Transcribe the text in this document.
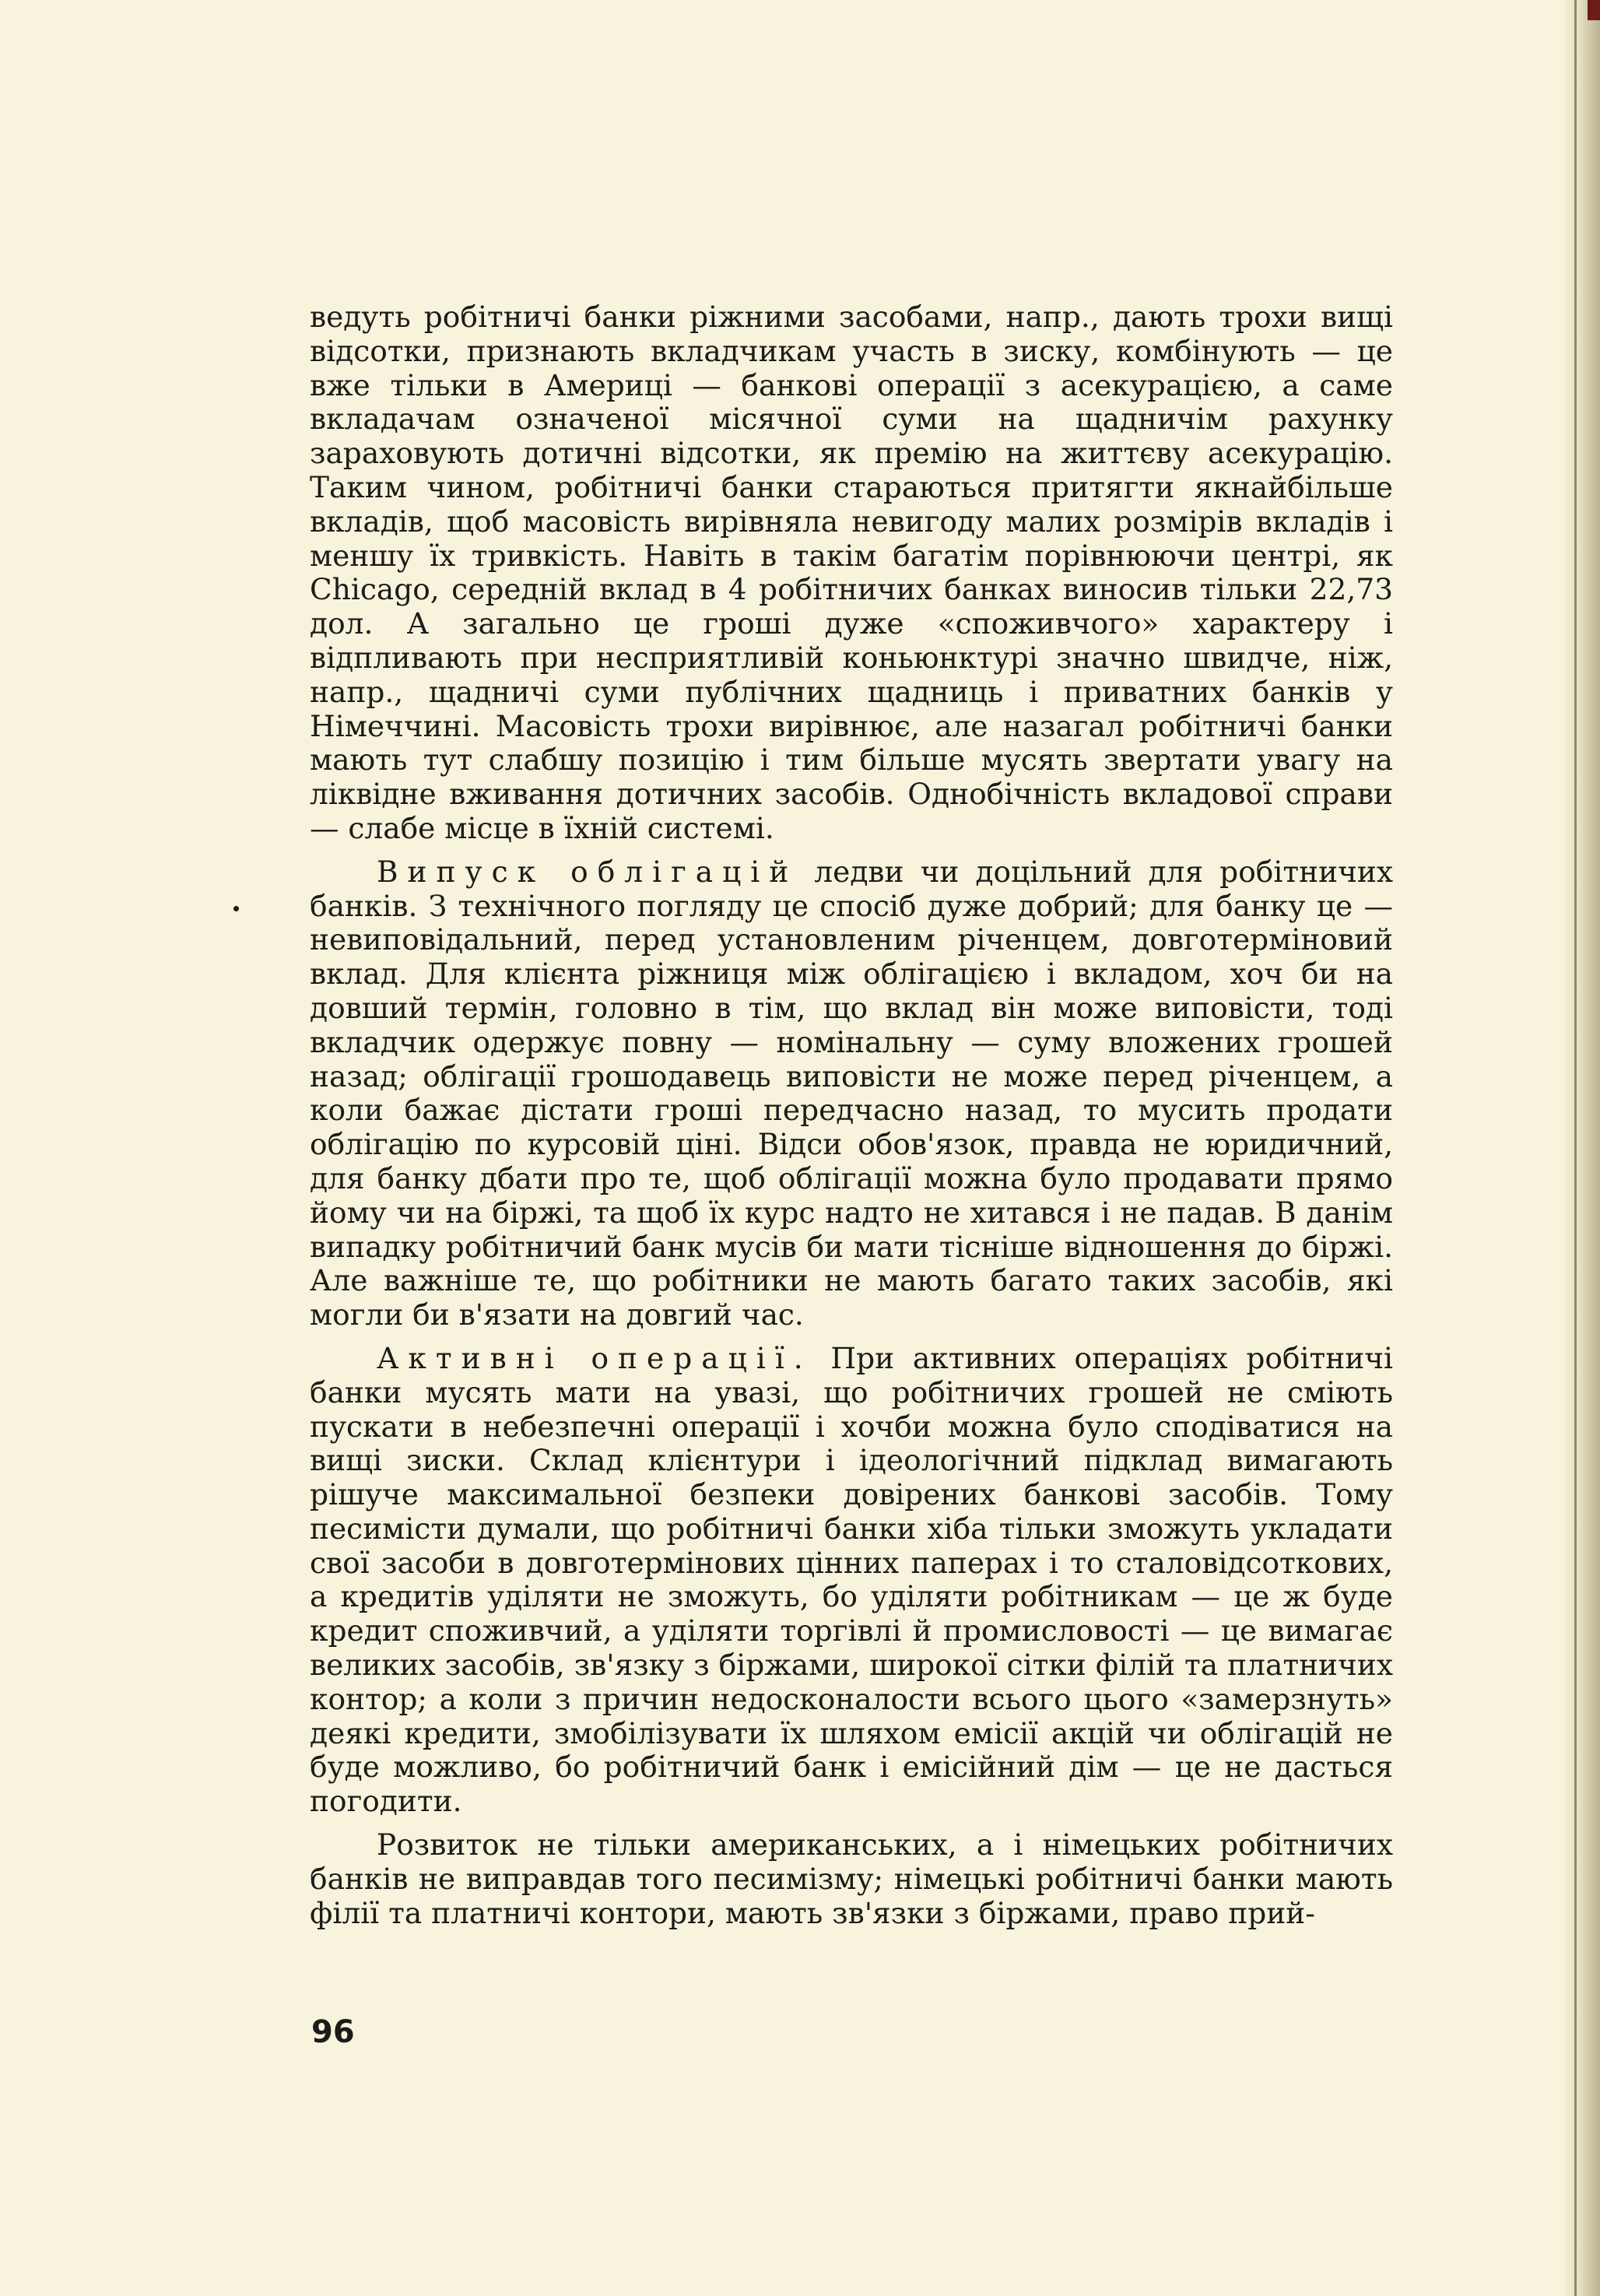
ведуть робітничі банки ріжними засобами, напр., дають трохи вищі відсотки, признають вкладчикам участь в зиску, комбінують — це вже тільки в Америці — банкові операції з асекурацією, а саме вкладачам означеної місячної суми на щадничім рахунку зараховують дотичні відсотки, як премію на життєву асекурацію. Таким чином, робітничі банки стараються притягти якнайбільше вкладів, щоб масовість вирівняла невигоду малих розмірів вкладів і меншу їх тривкість. Навіть в такім багатім порівнюючи центрі, як Chicago, середній вклад в 4 робітничих банках виносив тільки 22,73 дол. А загально це гроші дуже «споживчого» характеру і відпливають при несприятливій коньюнктурі значно швидче, ніж, напр., щадничі суми публічних щадниць і приватних банків у Німеччині. Масовість трохи вирівнює, але назагал робітничі банки мають тут слабшу позицію і тим більше мусять звертати увагу на ліквідне вживання дотичних засобів. Однобічність вкладової справи — слабе місце в їхній системі.

Випуск облігацій ледви чи доцільний для робітничих банків. З технічного погляду це спосіб дуже добрий; для банку це — невиповідальний, перед установленим річенцем, довготерміновий вклад. Для клієнта ріжниця між облігацією і вкладом, хоч би на довший термін, головно в тім, що вклад він може виповісти, тоді вкладчик одержує повну — номінальну — суму вложених грошей назад; облігації грошодавець виповісти не може перед річенцем, а коли бажає дістати гроші передчасно назад, то мусить продати облігацію по курсовій ціні. Відси обов'язок, правда не юридичний, для банку дбати про те, щоб облігації можна було продавати прямо йому чи на біржі, та щоб їх курс надто не хитався і не падав. В данім випадку робітничий банк мусів би мати тісніше відношення до біржі. Але важніше те, що робітники не мають багато таких засобів, які могли би в'язати на довгий час.

Активні операції. При активних операціях робітничі банки мусять мати на увазі, що робітничих грошей не сміють пускати в небезпечні операції і хочби можна було сподіватися на вищі зиски. Склад клієнтури і ідеологічний підклад вимагають рішуче максимальної безпеки довірених банкові засобів. Тому песимісти думали, що робітничі банки хіба тільки зможуть укладати свої засоби в довготермінових цінних паперах і то сталовідсоткових, а кредитів уділяти не зможуть, бо уділяти робітникам — це ж буде кредит споживчий, а уділяти торгівлі й промисловості — це вимагає великих засобів, зв'язку з біржами, широкої сітки філій та платничих контор; а коли з причин недосконалости всього цього «замерзнуть» деякі кредити, змобілізувати їх шляхом емісії акцій чи облігацій не буде можливо, бо робітничий банк і емісійний дім — це не дасться погодити.

Розвиток не тільки американських, а і німецьких робітничих банків не виправдав того песимізму; німецькі робітничі банки мають філії та платничі контори, мають зв'язки з біржами, право прий-

96
